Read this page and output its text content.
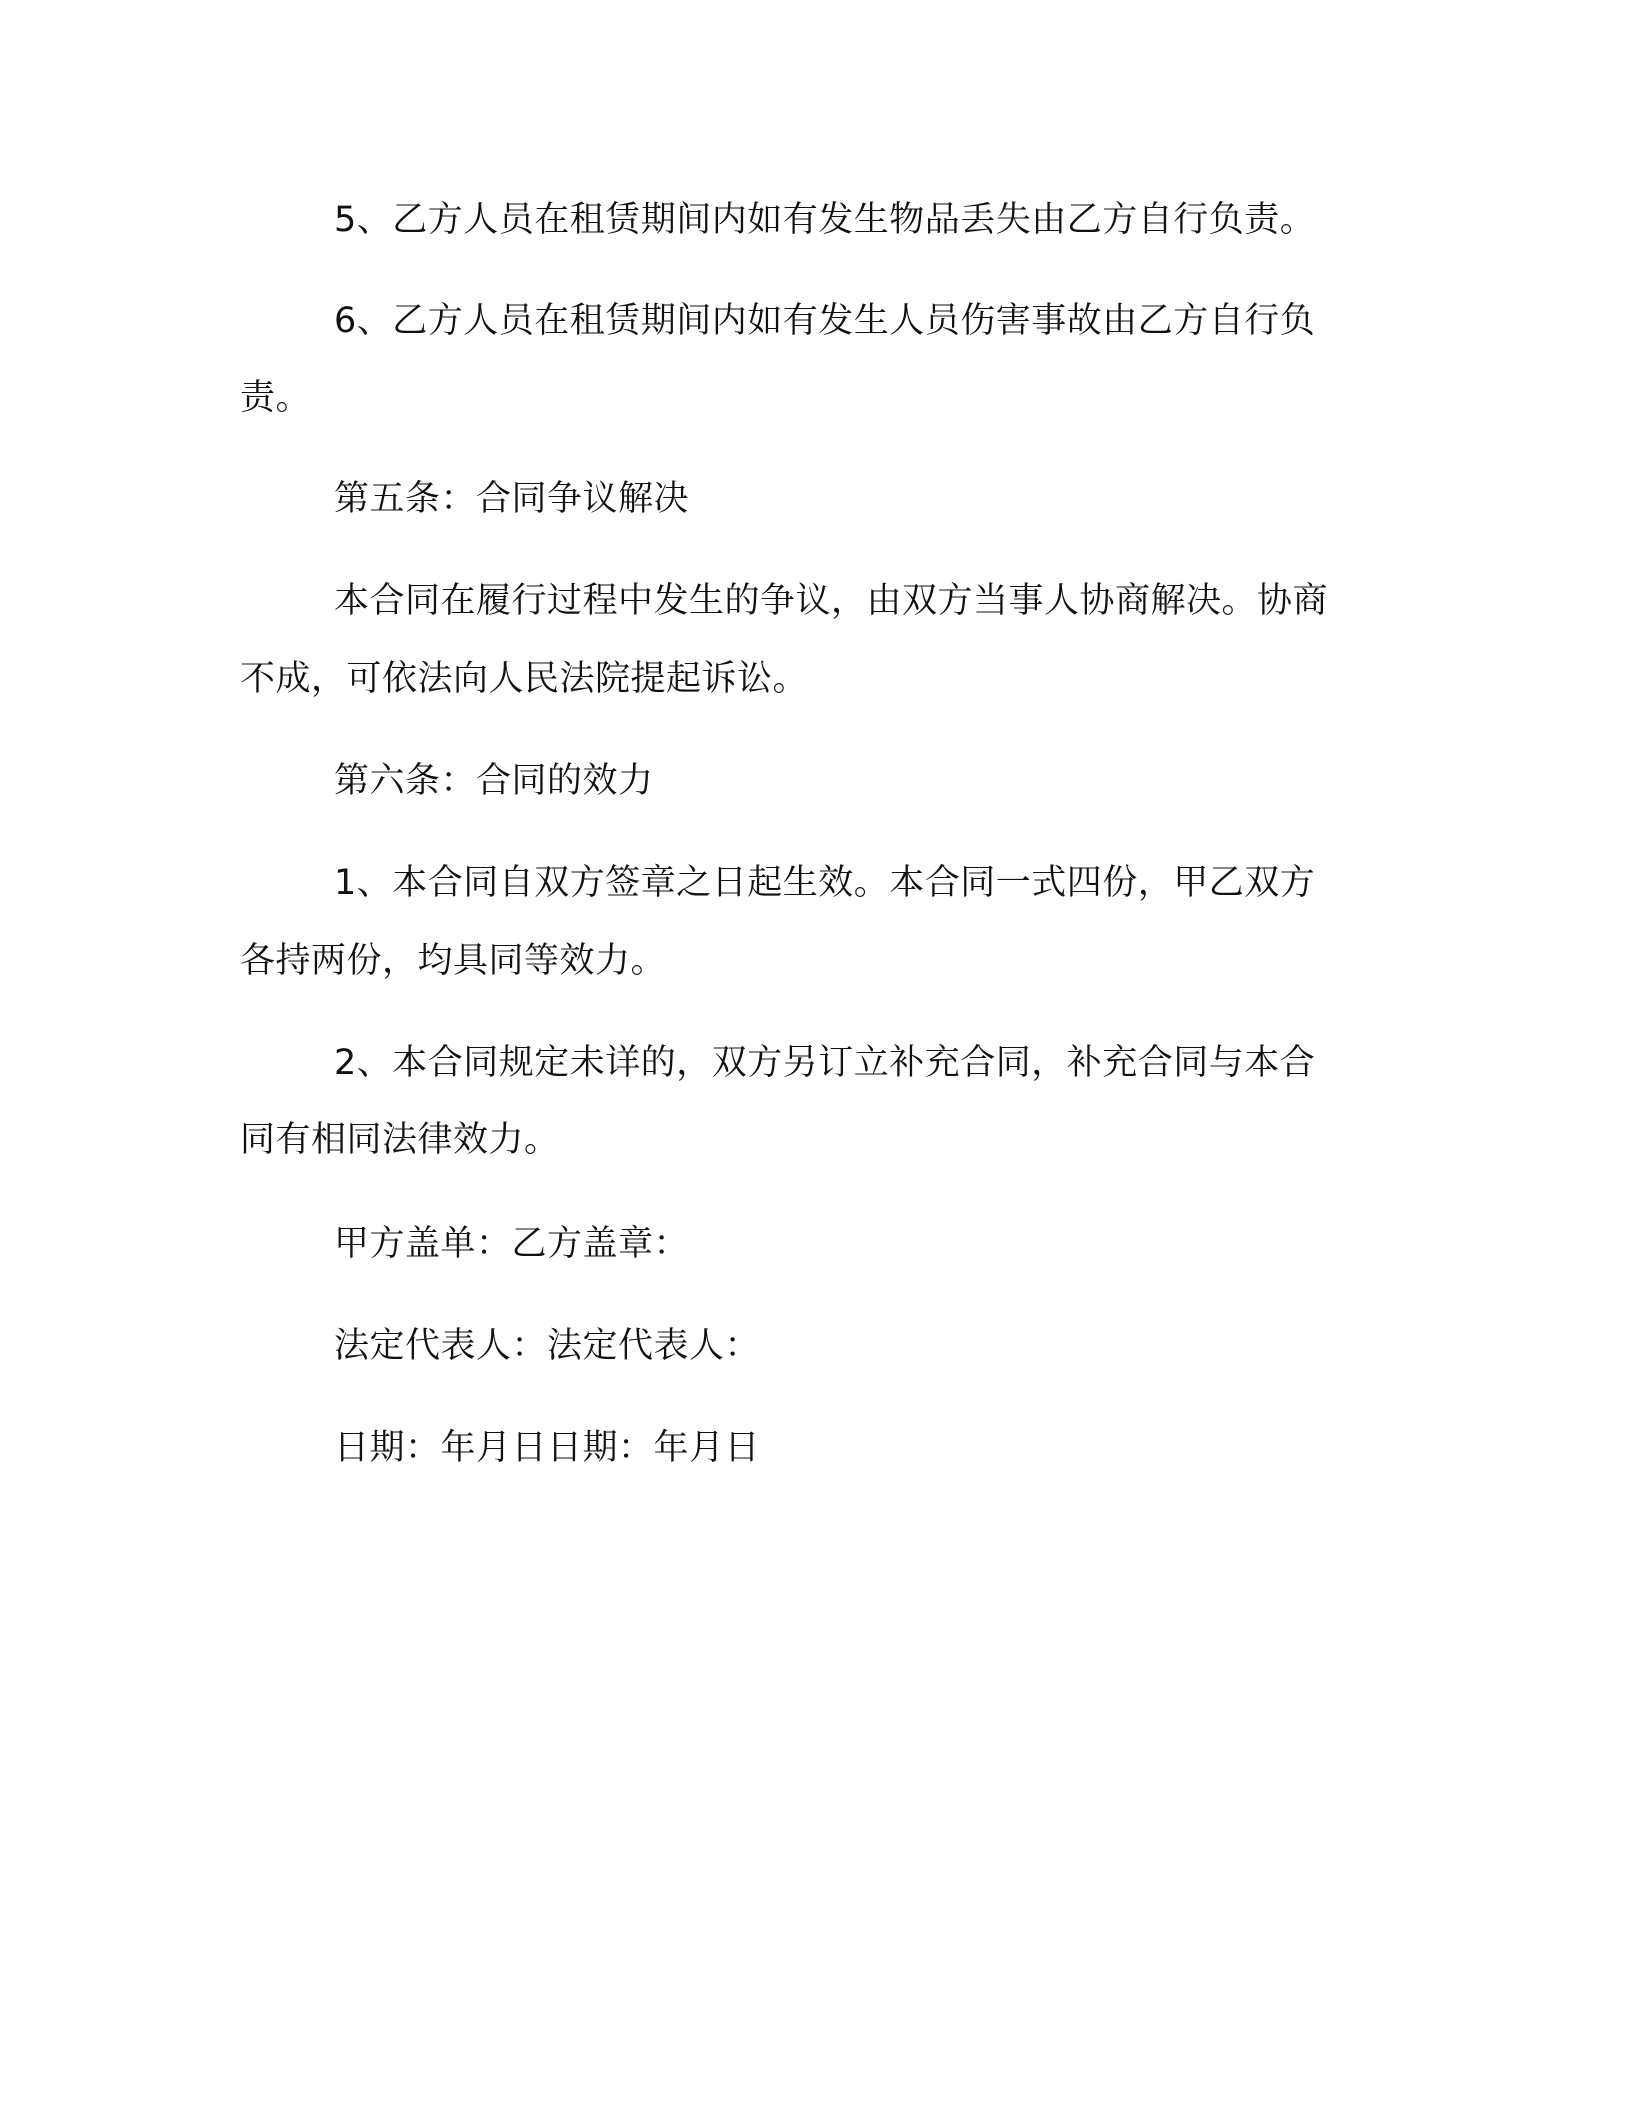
5、乙方人员在租赁期间内如有发生物品丢失由乙方自行负责。
6、乙方人员在租赁期间内如有发生人员伤害事故由乙方自行负
责。
第五条：合同争议解决
本合同在履行过程中发生的争议，由双方当事人协商解决。协商
不成，可依法向人民法院提起诉讼。
第六条：合同的效力
1、本合同自双方签章之日起生效。本合同一式四份，甲乙双方
各持两份，均具同等效力。
2、本合同规定未详的，双方另订立补充合同，补充合同与本合
同有相同法律效力。
甲方盖单：乙方盖章：
法定代表人：法定代表人：
日期：年月日日期：年月日
